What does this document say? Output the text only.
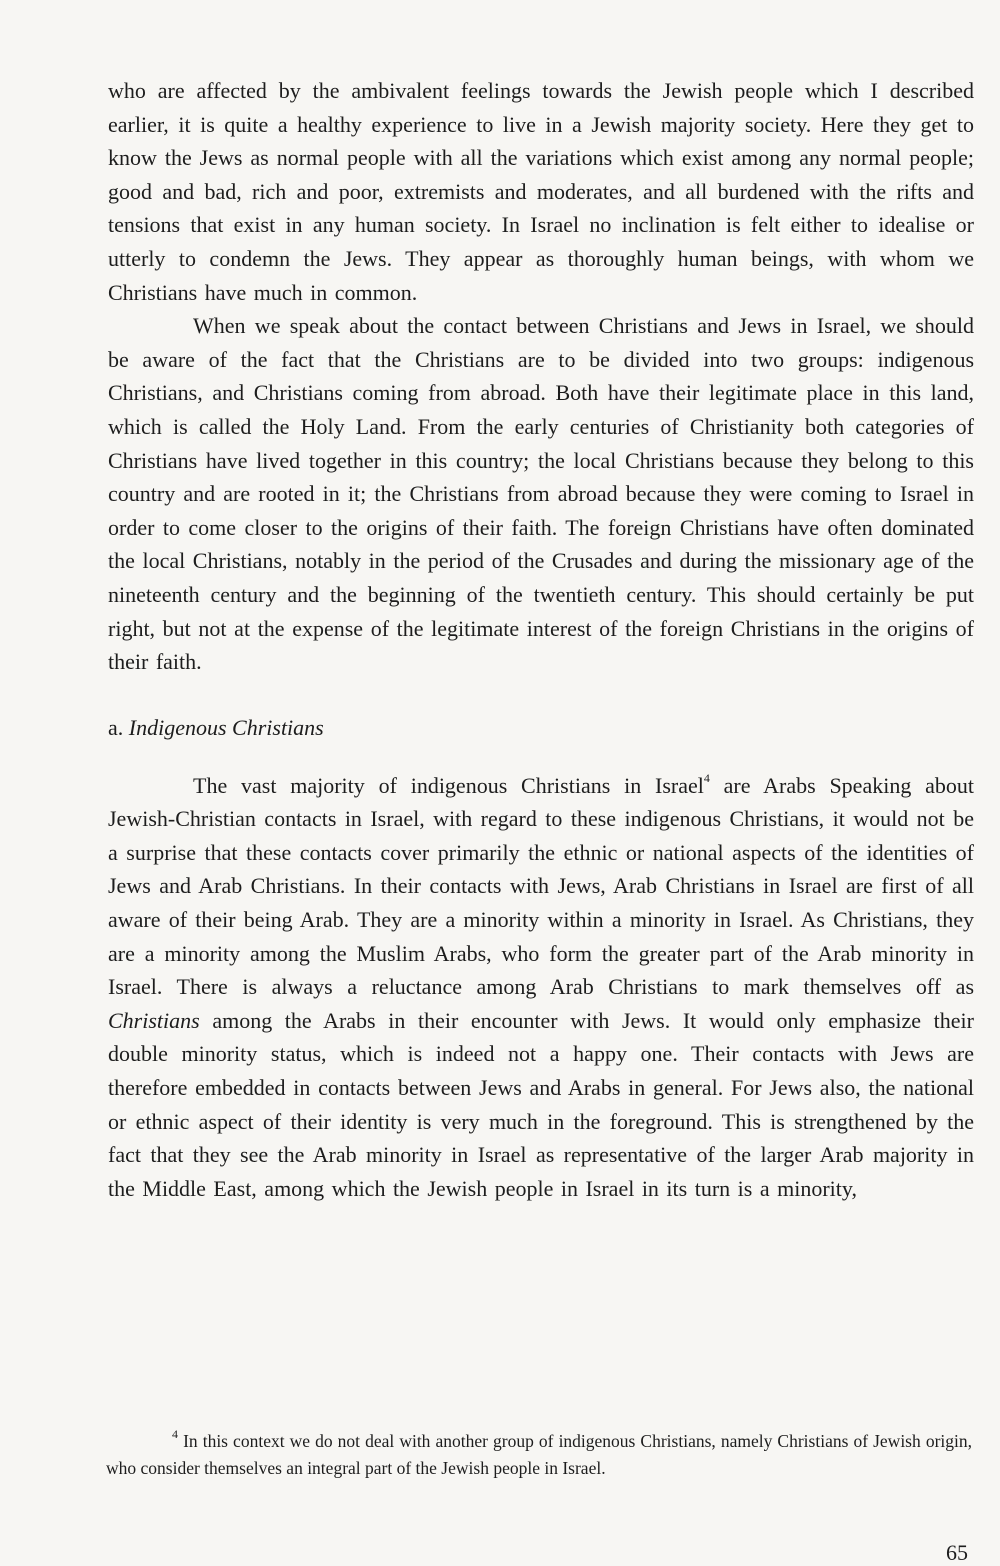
who are affected by the ambivalent feelings towards the Jewish people which I described earlier, it is quite a healthy experience to live in a Jewish majority society. Here they get to know the Jews as normal people with all the variations which exist among any normal people; good and bad, rich and poor, extremists and moderates, and all burdened with the rifts and tensions that exist in any human society. In Israel no inclination is felt either to idealise or utterly to condemn the Jews. They appear as thoroughly human beings, with whom we Christians have much in common.

When we speak about the contact between Christians and Jews in Israel, we should be aware of the fact that the Christians are to be divided into two groups: indigenous Christians, and Christians coming from abroad. Both have their legitimate place in this land, which is called the Holy Land. From the early centuries of Christianity both categories of Christians have lived together in this country; the local Christians because they belong to this country and are rooted in it; the Christians from abroad because they were coming to Israel in order to come closer to the origins of their faith. The foreign Christians have often dominated the local Christians, notably in the period of the Crusades and during the missionary age of the nineteenth century and the beginning of the twentieth century. This should certainly be put right, but not at the expense of the legitimate interest of the foreign Christians in the origins of their faith.

a. Indigenous Christians

The vast majority of indigenous Christians in Israel$^4$ are Arabs Speaking about Jewish-Christian contacts in Israel, with regard to these indigenous Christians, it would not be a surprise that these contacts cover primarily the ethnic or national aspects of the identities of Jews and Arab Christians. In their contacts with Jews, Arab Christians in Israel are first of all aware of their being Arab. They are a minority within a minority in Israel. As Christians, they are a minority among the Muslim Arabs, who form the greater part of the Arab minority in Israel. There is always a reluctance among Arab Christians to mark themselves off as Christians among the Arabs in their encounter with Jews. It would only emphasize their double minority status, which is indeed not a happy one. Their contacts with Jews are therefore embedded in contacts between Jews and Arabs in general. For Jews also, the national or ethnic aspect of their identity is very much in the foreground. This is strengthened by the fact that they see the Arab minority in Israel as representative of the larger Arab majority in the Middle East, among which the Jewish people in Israel in its turn is a minority,

$^4$ In this context we do not deal with another group of indigenous Christians, namely Christians of Jewish origin, who consider themselves an integral part of the Jewish people in Israel.
65
